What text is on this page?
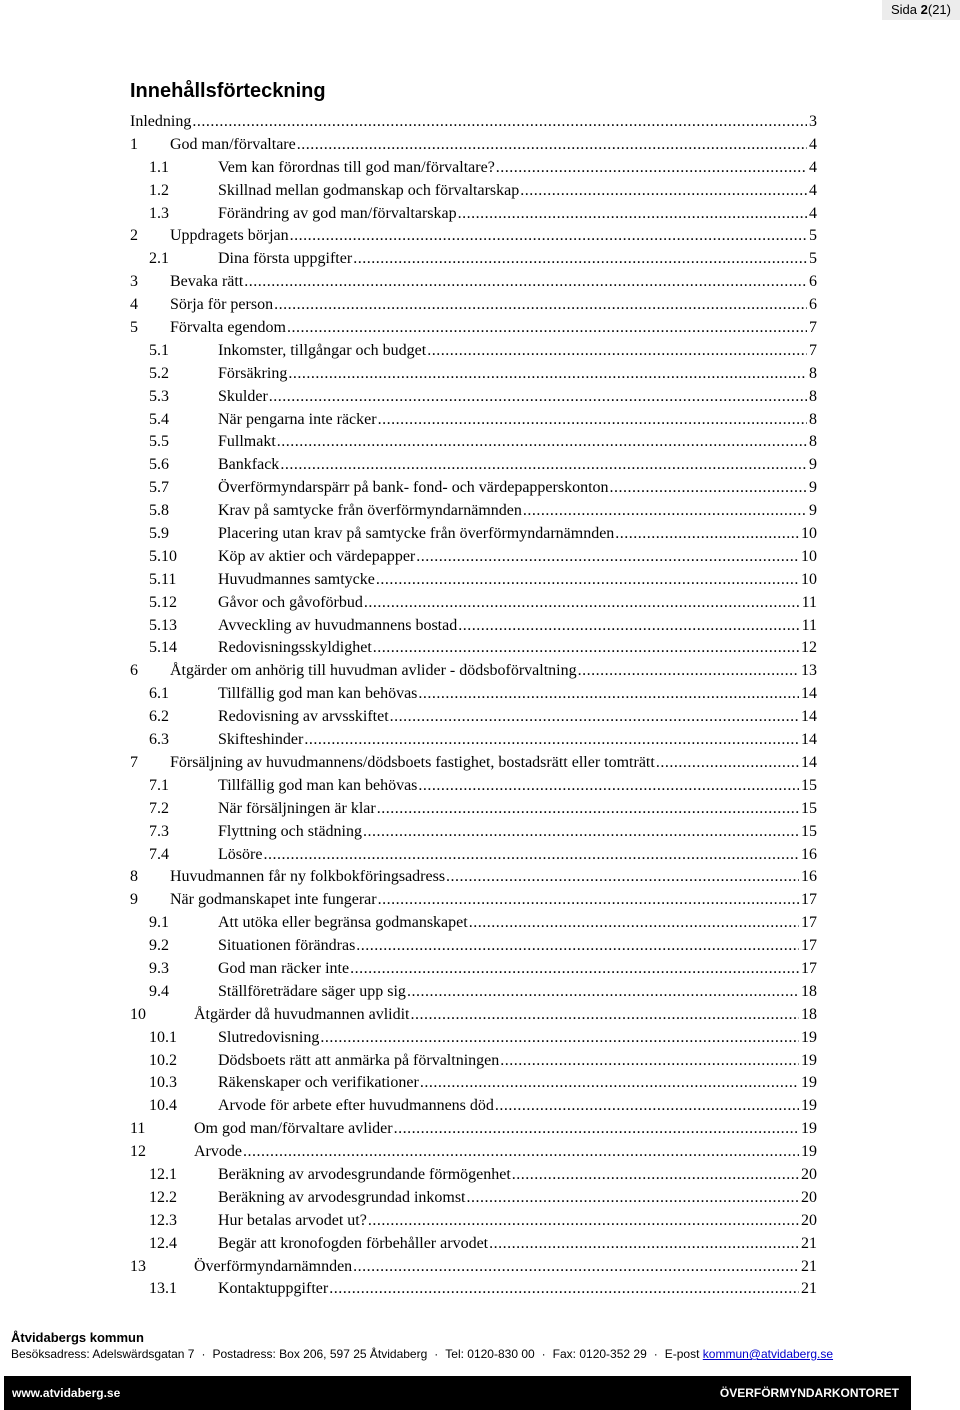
Sida 2(21)
Innehållsförteckning
Inledning .....	3
1	God man/förvaltare .....	4
1.1	Vem kan förordnas till god man/förvaltare? .....	4
1.2	Skillnad mellan godmanskap och förvaltarskap .....	4
1.3	Förändring av god man/förvaltarskap .....	4
2	Uppdragets början .....	5
2.1	Dina första uppgifter .....	5
3	Bevaka rätt .....	6
4	Sörja för person .....	6
5	Förvalta egendom .....	7
5.1	Inkomster, tillgångar och budget .....	7
5.2	Försäkring .....	8
5.3	Skulder .....	8
5.4	När pengarna inte räcker .....	8
5.5	Fullmakt .....	8
5.6	Bankfack .....	9
5.7	Överförmyndarspärr på bank- fond- och värdepapperskonton .....	9
5.8	Krav på samtycke från överförmyndarnämnden .....	9
5.9	Placering utan krav på samtycke från överförmyndarnämnden .....	10
5.10	Köp av aktier och värdepapper .....	10
5.11	Huvudmannes samtycke .....	10
5.12	Gåvor och gåvoförbud .....	11
5.13	Avveckling av huvudmannens bostad .....	11
5.14	Redovisningsskyldighet .....	12
6	Åtgärder om anhörig till huvudman avlider - dödsboförvaltning .....	13
6.1	Tillfällig god man kan behövas .....	14
6.2	Redovisning av arvsskiftet .....	14
6.3	Skifteshinder .....	14
7	Försäljning av huvudmannens/dödsboets fastighet, bostadsrätt eller tomträtt .....	14
7.1	Tillfällig god man kan behövas .....	15
7.2	När försäljningen är klar .....	15
7.3	Flyttning och städning .....	15
7.4	Lösöre .....	16
8	Huvudmannen får ny folkbokföringsadress .....	16
9	När godmanskapet inte fungerar .....	17
9.1	Att utöka eller begränsa godmanskapet .....	17
9.2	Situationen förändras .....	17
9.3	God man räcker inte .....	17
9.4	Ställföreträdare säger upp sig .....	18
10	Åtgärder då huvudmannen avlidit .....	18
10.1	Slutredovisning .....	19
10.2	Dödsboets rätt att anmärka på förvaltningen .....	19
10.3	Räkenskaper och verifikationer .....	19
10.4	Arvode för arbete efter huvudmannens död .....	19
11	Om god man/förvaltare avlider .....	19
12	Arvode .....	19
12.1	Beräkning av arvodesgrundande förmögenhet .....	20
12.2	Beräkning av arvodesgrundad inkomst .....	20
12.3	Hur betalas arvodet ut? .....	20
12.4	Begär att kronofogden förbehåller arvodet .....	21
13	Överförmyndarnämnden .....	21
13.1	Kontaktuppgifter .....	21
Åtvidabergs kommun
Besöksadress: Adelswärdsgatan 7 · Postadress: Box 206, 597 25 Åtvidaberg · Tel: 0120-830 00 · Fax: 0120-352 29 · E-post kommun@atvidaberg.se
www.atvidaberg.se	ÖVERFÖRMYNDARKONTORET
